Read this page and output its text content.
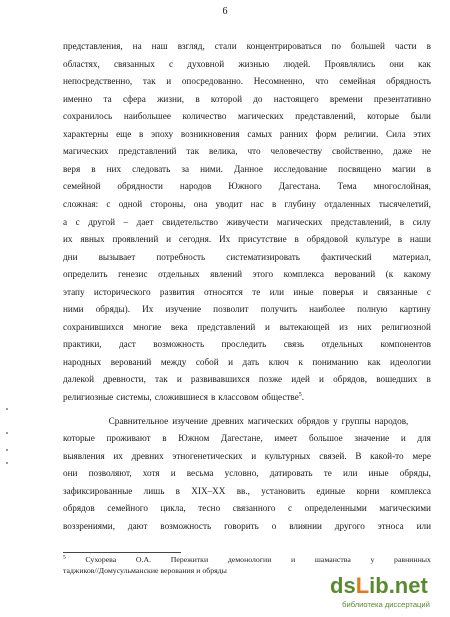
6
представления, на наш взгляд, стали концентрироваться по большей части в
областях, связанных с духовной жизнью людей. Проявлялись они как
непосредственно, так и опосредованно. Несомненно, что семейная обрядность
именно та сфера жизни, в которой до настоящего времени презентативно
сохранилось наибольшее количество магических представлений, которые были
характерны еще в эпоху возникновения самых ранних форм религии. Сила этих
магических представлений так велика, что человечеству свойственно, даже не
веря в них следовать за ними. Данное исследование посвящено магии в
семейной обрядности народов Южного Дагестана. Тема многослойная,
сложная: с одной стороны, она уводит нас в глубину отдаленных тысячелетий,
а с другой – дает свидетельство живучести магических представлений, в силу
их явных проявлений и сегодня. Их присутствие в обрядовой культуре в наши
дни вызывает потребность систематизировать фактический материал,
определить генезис отдельных явлений этого комплекса верований (к какому
этапу исторического развития относятся те или иные поверья и связанные с
ними обряды). Их изучение позволит получить наиболее полную картину
сохранившихся многие века представлений и вытекающей из них религиозной
практики, даст возможность проследить связь отдельных компонентов
народных верований между собой и дать ключ к пониманию как идеологии
далекой древности, так и развивавшихся позже идей и обрядов, вошедших в
религиозные системы, сложившиеся в классовом обществе$^5$.
Сравнительное изучение древних магических обрядов у группы народов,
которые проживают в Южном Дагестане, имеет большое значение и для
выявления их древних этногенетических и культурных связей. В какой-то мере
они позволяют, хотя и весьма условно, датировать те или иные обряды,
зафиксированные лишь в XIX–XX вв., установить единые корни комплекса
обрядов семейного цикла, тесно связанного с определенными магическими
воззрениями, дают возможность говорить о влиянии другого этноса или
$^5$	Сухорева	О.А.	Пережитки	демонологии	и	шаманства	у	равнинных
таджиков//Домусульманские верования и обряды
dsLib.net
библиотека диссертаций
